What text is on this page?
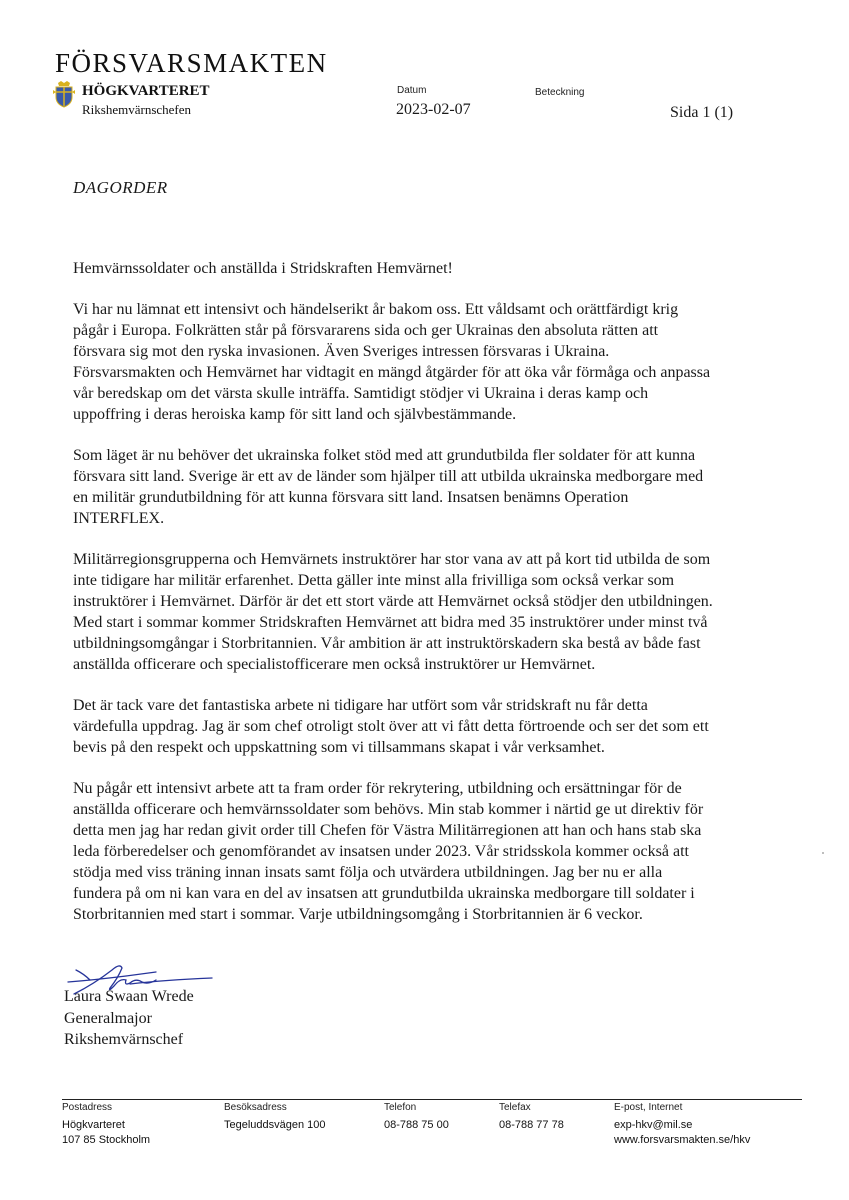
FÖRSVARSMAKTEN
HÖGKVARTERET
Rikshemvärnschefen
Datum	Beteckning
2023-02-07	Sida 1 (1)
DAGORDER

Hemvärnssoldater och anställda i Stridskraften Hemvärnet!

Vi har nu lämnat ett intensivt och händelserikt år bakom oss. Ett våldsamt och orättfärdigt krig pågår i Europa. Folkrätten står på försvararens sida och ger Ukrainas den absoluta rätten att försvara sig mot den ryska invasionen. Även Sveriges intressen försvaras i Ukraina. Försvarsmakten och Hemvärnet har vidtagit en mängd åtgärder för att öka vår förmåga och anpassa vår beredskap om det värsta skulle inträffa. Samtidigt stödjer vi Ukraina i deras kamp och uppoffring i deras heroiska kamp för sitt land och självbestämmande.

Som läget är nu behöver det ukrainska folket stöd med att grundutbilda fler soldater för att kunna försvara sitt land. Sverige är ett av de länder som hjälper till att utbilda ukrainska medborgare med en militär grundutbildning för att kunna försvara sitt land. Insatsen benämns Operation INTERFLEX.

Militärregionsgrupperna och Hemvärnets instruktörer har stor vana av att på kort tid utbilda de som inte tidigare har militär erfarenhet. Detta gäller inte minst alla frivilliga som också verkar som instruktörer i Hemvärnet. Därför är det ett stort värde att Hemvärnet också stödjer den utbildningen. Med start i sommar kommer Stridskraften Hemvärnet att bidra med 35 instruktörer under minst två utbildningsomgångar i Storbritannien. Vår ambition är att instruktörskadern ska bestå av både fast anställda officerare och specialistofficerare men också instruktörer ur Hemvärnet.

Det är tack vare det fantastiska arbete ni tidigare har utfört som vår stridskraft nu får detta värdefulla uppdrag. Jag är som chef otroligt stolt över att vi fått detta förtroende och ser det som ett bevis på den respekt och uppskattning som vi tillsammans skapat i vår verksamhet.

Nu pågår ett intensivt arbete att ta fram order för rekrytering, utbildning och ersättningar för de anställda officerare och hemvärnssoldater som behövs. Min stab kommer i närtid ge ut direktiv för detta men jag har redan givit order till Chefen för Västra Militärregionen att han och hans stab ska leda förberedelser och genomförandet av insatsen under 2023. Vår stridsskola kommer också att stödja med viss träning innan insats samt följa och utvärdera utbildningen. Jag ber nu er alla fundera på om ni kan vara en del av insatsen att grundutbilda ukrainska medborgare till soldater i Storbritannien med start i sommar. Varje utbildningsomgång i Storbritannien är 6 veckor.

Laura Swaan Wrede
Generalmajor
Rikshemvärnschef
Postadress
Högkvarteret
107 85 Stockholm
Besöksadress
Tegeluddsvägen 100
Telefon
08-788 75 00
Telefax
08-788 77 78
E-post, Internet
exp-hkv@mil.se
www.forsvarsmakten.se/hkv
